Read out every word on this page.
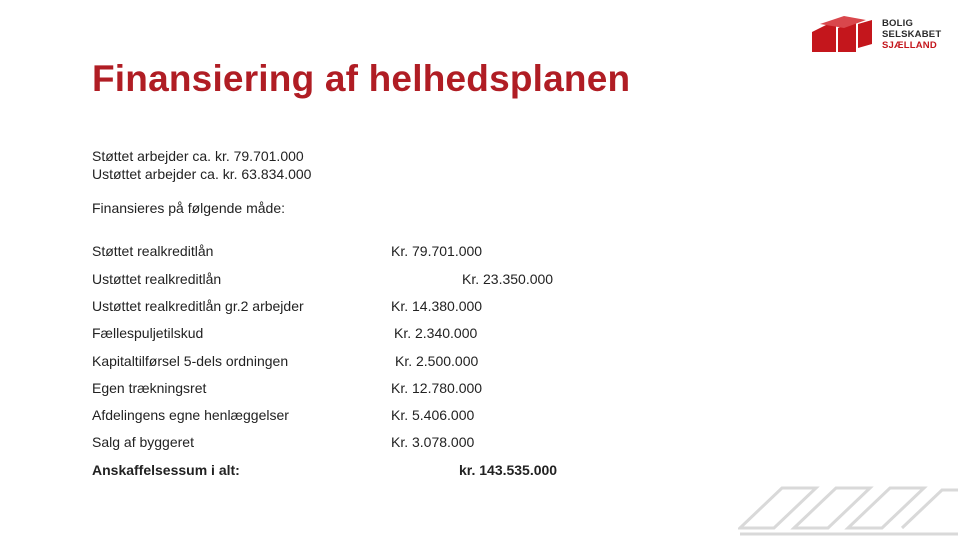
BOLIG
SELSKABET
SJÆLLAND
Finansiering af helhedsplanen
Støttet arbejder ca. kr. 79.701.000
Ustøttet arbejder ca. kr. 63.834.000
Finansieres på følgende måde:
Støttet realkreditlån	Kr. 79.701.000
Ustøttet realkreditlån	Kr. 23.350.000
Ustøttet realkreditlån gr.2 arbejder	Kr. 14.380.000
Fællespuljetilskud	Kr. 2.340.000
Kapitaltilførsel 5-dels ordningen	Kr. 2.500.000
Egen trækningsret	Kr. 12.780.000
Afdelingens egne henlæggelser	Kr. 5.406.000
Salg af byggeret	Kr. 3.078.000
Anskaffelsessum i alt:	kr. 143.535.000
